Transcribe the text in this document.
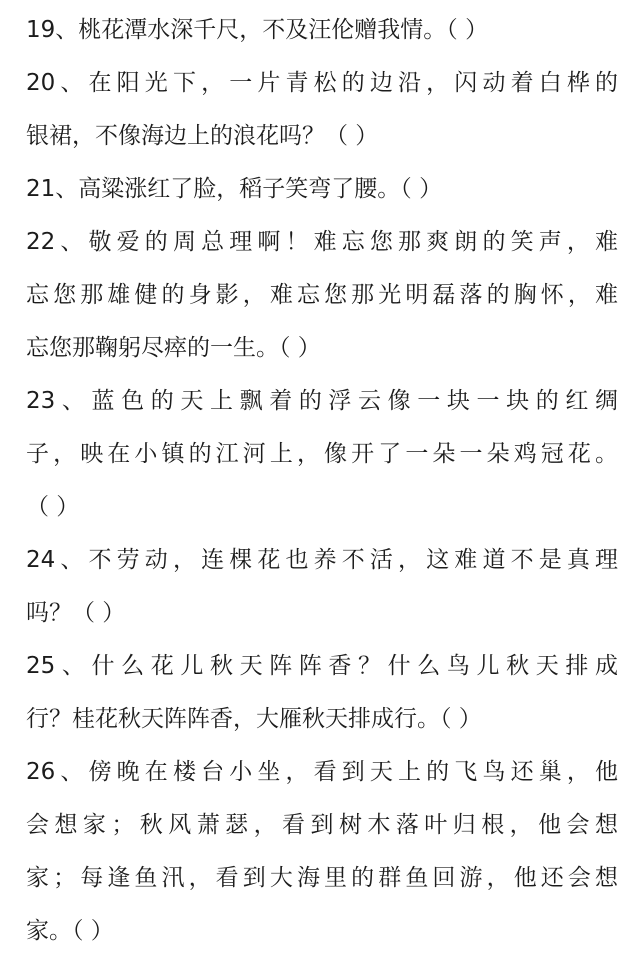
19、桃花潭水深千尺，不及汪伦赠我情。（ ）
20、在阳光下，一片青松的边沿，闪动着白桦的
银裙，不像海边上的浪花吗？（ ）
21、高粱涨红了脸，稻子笑弯了腰。（ ）
22、敬爱的周总理啊！难忘您那爽朗的笑声，难
忘您那雄健的身影，难忘您那光明磊落的胸怀，难
忘您那鞠躬尽瘁的一生。（ ）
23、蓝色的天上飘着的浮云像一块一块的红绸
子，映在小镇的江河上，像开了一朵一朵鸡冠花。
（ ）
24、不劳动，连棵花也养不活，这难道不是真理
吗？（ ）
25、什么花儿秋天阵阵香？什么鸟儿秋天排成
行？桂花秋天阵阵香，大雁秋天排成行。（ ）
26、傍晚在楼台小坐，看到天上的飞鸟还巢，他
会想家；秋风萧瑟，看到树木落叶归根，他会想
家；每逢鱼汛，看到大海里的群鱼回游，他还会想
家。（ ）
